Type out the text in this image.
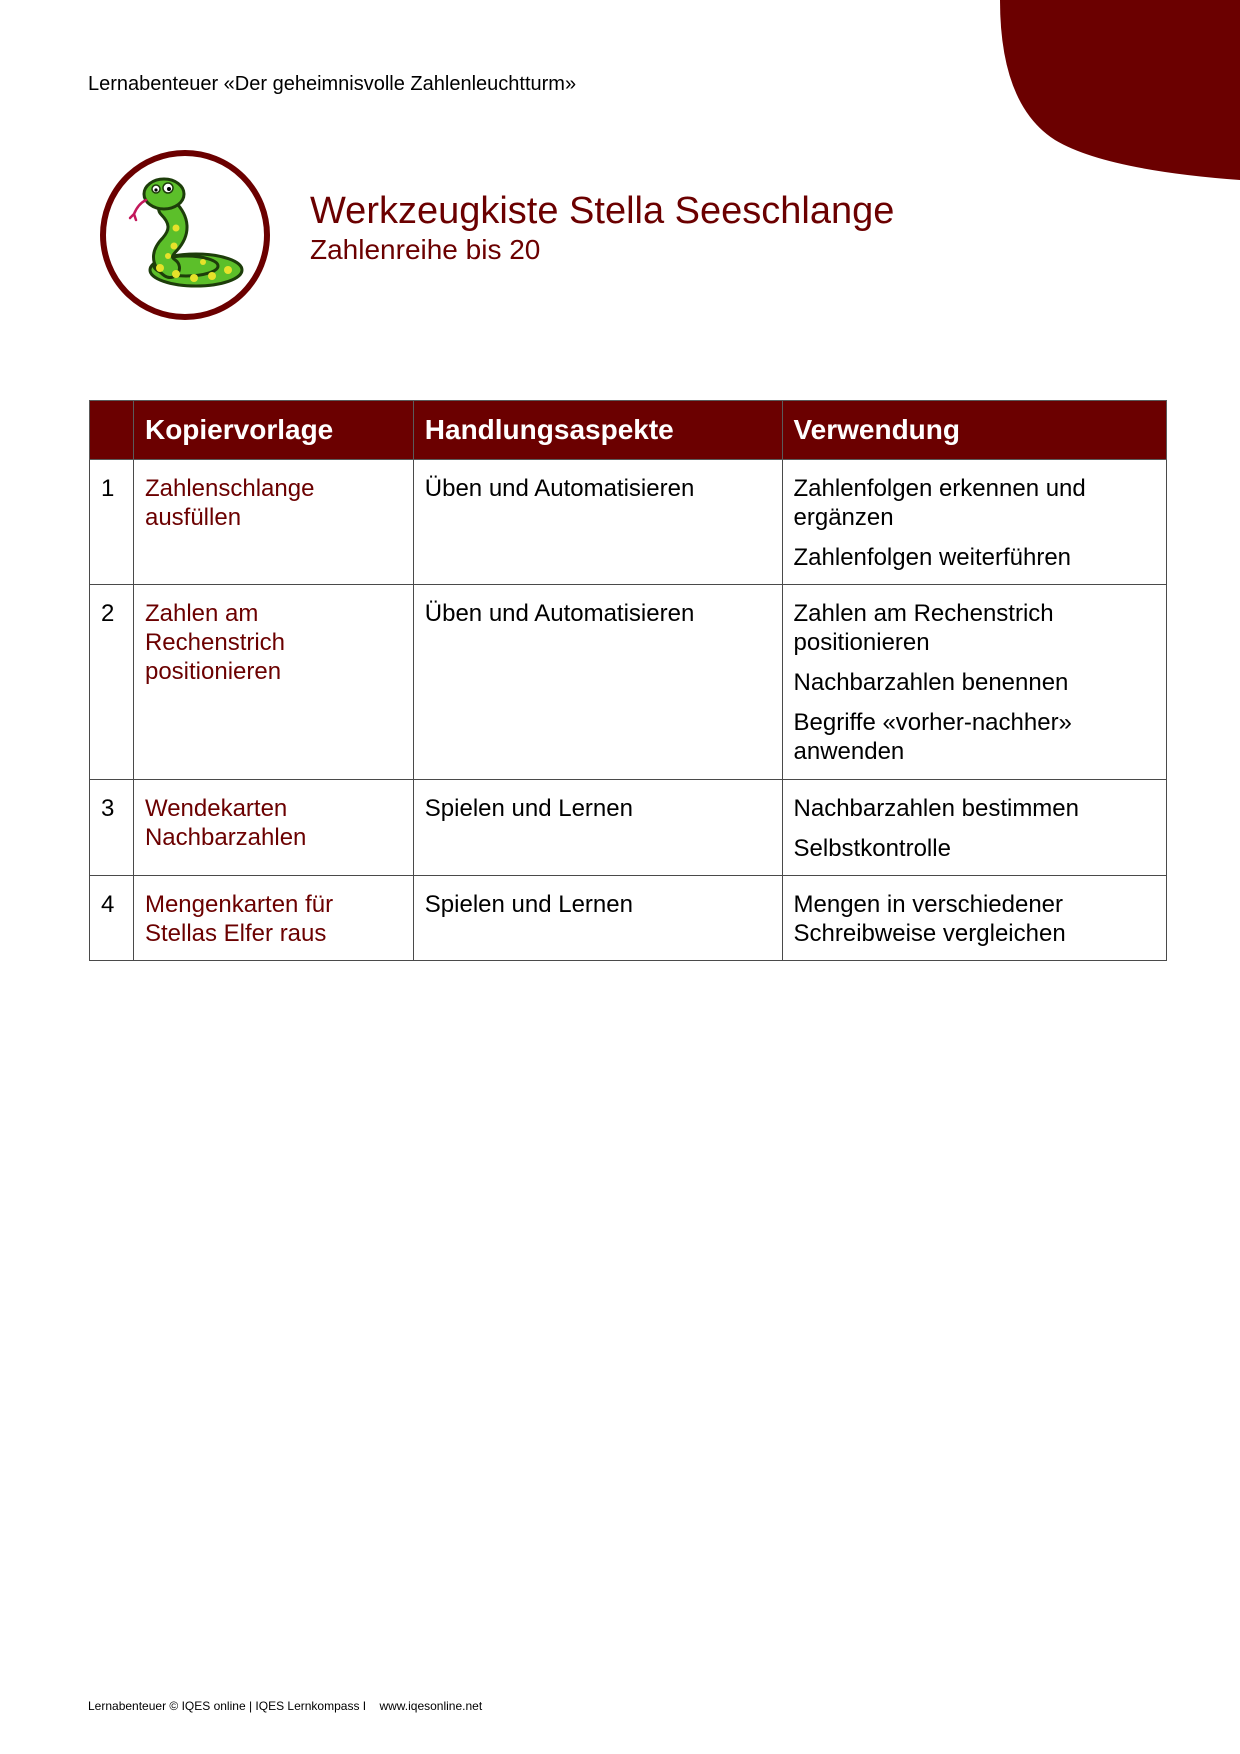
Lernabenteuer «Der geheimnisvolle Zahlenleuchtturm»
Werkzeugkiste Stella Seeschlange
Zahlenreihe bis 20
	Kopiervorlage	Handlungsaspekte	Verwendung
1	Zahlenschlange ausfüllen	Üben und Automatisieren	Zahlenfolgen erkennen und ergänzen
Zahlenfolgen weiterführen

2	Zahlen am Rechenstrich positionieren	Üben und Automatisieren	Zahlen am Rechenstrich positionieren
Nachbarzahlen benennen
Begriffe «vorher-nachher» anwenden

3	Wendekarten Nachbarzahlen	Spielen und Lernen	Nachbarzahlen bestimmen
Selbstkontrolle

4	Mengenkarten für Stellas Elfer raus	Spielen und Lernen	Mengen in verschiedener Schreibweise vergleichen
Lernabenteuer © IQES online | IQES Lernkompass I    www.iqesonline.net
